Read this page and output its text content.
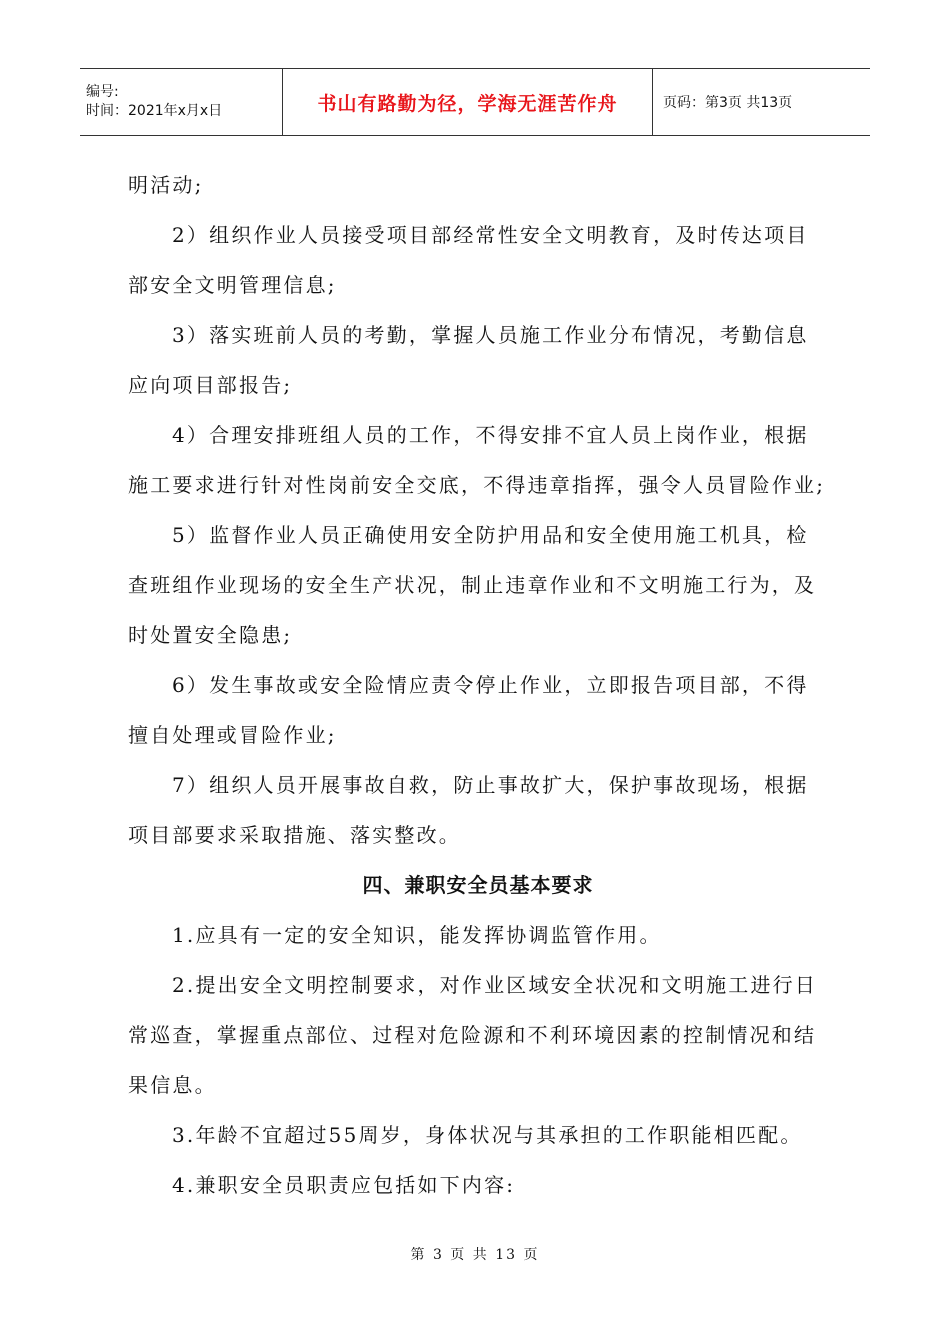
编号:
时间：2021年x月x日	书山有路勤为径，学海无涯苦作舟	页码：第3页 共13页
明活动;
2）组织作业人员接受项目部经常性安全文明教育，及时传达项目
部安全文明管理信息;
3）落实班前人员的考勤，掌握人员施工作业分布情况，考勤信息
应向项目部报告;
4）合理安排班组人员的工作，不得安排不宜人员上岗作业，根据
施工要求进行针对性岗前安全交底，不得违章指挥，强令人员冒险作业;
5）监督作业人员正确使用安全防护用品和安全使用施工机具，检
查班组作业现场的安全生产状况，制止违章作业和不文明施工行为，及
时处置安全隐患;
6）发生事故或安全险情应责令停止作业，立即报告项目部，不得
擅自处理或冒险作业;
7）组织人员开展事故自救，防止事故扩大，保护事故现场，根据
项目部要求采取措施、落实整改。
四、兼职安全员基本要求
1.应具有一定的安全知识，能发挥协调监管作用。
2.提出安全文明控制要求，对作业区域安全状况和文明施工进行日
常巡查，掌握重点部位、过程对危险源和不利环境因素的控制情况和结
果信息。
3.年龄不宜超过55周岁，身体状况与其承担的工作职能相匹配。
4.兼职安全员职责应包括如下内容:
第 3 页 共 13 页
